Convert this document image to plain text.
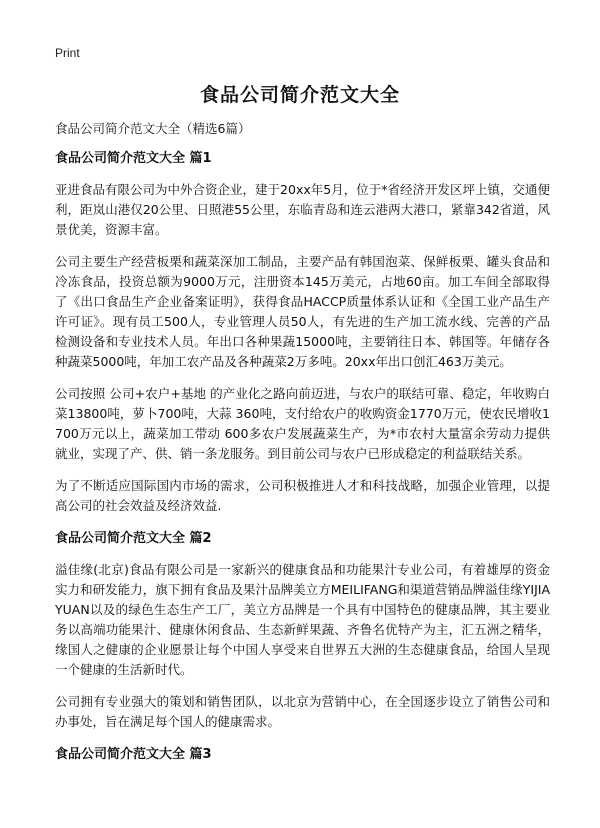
Print
食品公司简介范文大全

食品公司简介范文大全（精选6篇）

食品公司简介范文大全 篇1

亚进食品有限公司为中外合资企业，建于20xx年5月，位于*省经济开发区坪上镇，交通便利，距岚山港仅20公里、日照港55公里，东临青岛和连云港两大港口，紧靠342省道，风景优美，资源丰富。

公司主要生产经营板栗和蔬菜深加工制品，主要产品有韩国泡菜、保鲜板栗、罐头食品和冷冻食品，投资总额为9000万元，注册资本145万美元，占地60亩。加工车间全部取得了《出口食品生产企业备案证明》，获得食品HACCP质量体系认证和《全国工业产品生产许可证》。现有员工500人，专业管理人员50人，有先进的生产加工流水线、完善的产品检测设备和专业技术人员。年出口各种果蔬15000吨，主要销往日本、韩国等。年储存各种蔬菜5000吨，年加工农产品及各种蔬菜2万多吨。20xx年出口创汇463万美元。

公司按照 公司+农户+基地 的产业化之路向前迈进，与农户的联结可靠、稳定，年收购白菜13800吨，萝卜700吨，大蒜 360吨，支付给农户的收购资金1770万元，使农民增收1700万元以上，蔬菜加工带动 600多农户发展蔬菜生产，为*市农村大量富余劳动力提供就业，实现了产、供、销一条龙服务。到目前公司与农户已形成稳定的利益联结关系。

为了不断适应国际国内市场的需求，公司积极推进人才和科技战略，加强企业管理，以提高公司的社会效益及经济效益.

食品公司简介范文大全 篇2

溢佳缘(北京)食品有限公司是一家新兴的健康食品和功能果汁专业公司，有着雄厚的资金实力和研发能力，旗下拥有食品及果汁品牌美立方MEILIFANG和渠道营销品牌溢佳缘YIJIAYUAN以及的绿色生态生产工厂，美立方品牌是一个具有中国特色的健康品牌，其主要业务以高端功能果汁、健康休闲食品、生态新鲜果蔬、齐鲁名优特产为主，汇五洲之精华，缘国人之健康的企业愿景让每个中国人享受来自世界五大洲的生态健康食品，给国人呈现一个健康的生活新时代。

公司拥有专业强大的策划和销售团队，以北京为营销中心，在全国逐步设立了销售公司和办事处，旨在满足每个国人的健康需求。

食品公司简介范文大全 篇3
